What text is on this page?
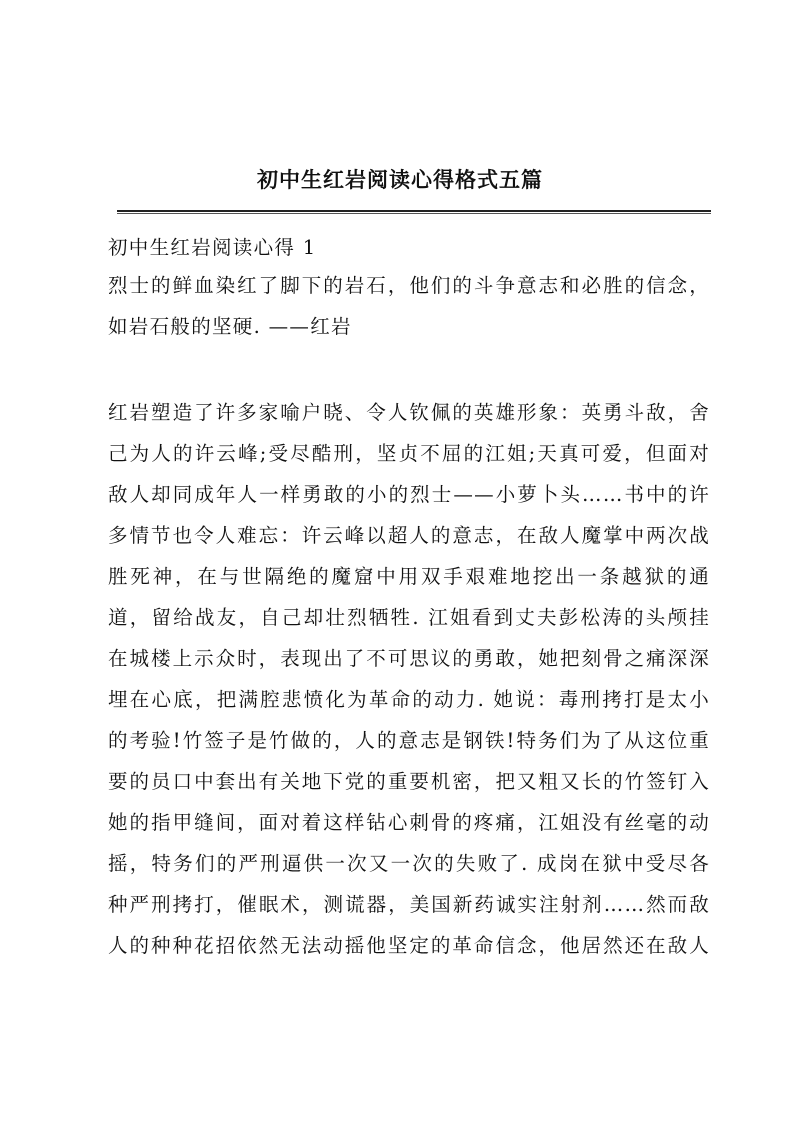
初中生红岩阅读心得格式五篇
初中生红岩阅读心得 1
烈士的鲜血染红了脚下的岩石，他们的斗争意志和必胜的信念，
如岩石般的坚硬. ——红岩
红岩塑造了许多家喻户晓、令人钦佩的英雄形象：英勇斗敌，舍
己为人的许云峰;受尽酷刑，坚贞不屈的江姐;天真可爱，但面对
敌人却同成年人一样勇敢的小的烈士——小萝卜头……书中的许
多情节也令人难忘：许云峰以超人的意志，在敌人魔掌中两次战
胜死神，在与世隔绝的魔窟中用双手艰难地挖出一条越狱的通
道，留给战友，自己却壮烈牺牲. 江姐看到丈夫彭松涛的头颅挂
在城楼上示众时，表现出了不可思议的勇敢，她把刻骨之痛深深
埋在心底，把满腔悲愤化为革命的动力. 她说：毒刑拷打是太小
的考验!竹签子是竹做的，人的意志是钢铁!特务们为了从这位重
要的员口中套出有关地下党的重要机密，把又粗又长的竹签钉入
她的指甲缝间，面对着这样钻心刺骨的疼痛，江姐没有丝毫的动
摇，特务们的严刑逼供一次又一次的失败了. 成岗在狱中受尽各
种严刑拷打，催眠术，测谎器，美国新药诚实注射剂……然而敌
人的种种花招依然无法动摇他坚定的革命信念，他居然还在敌人
